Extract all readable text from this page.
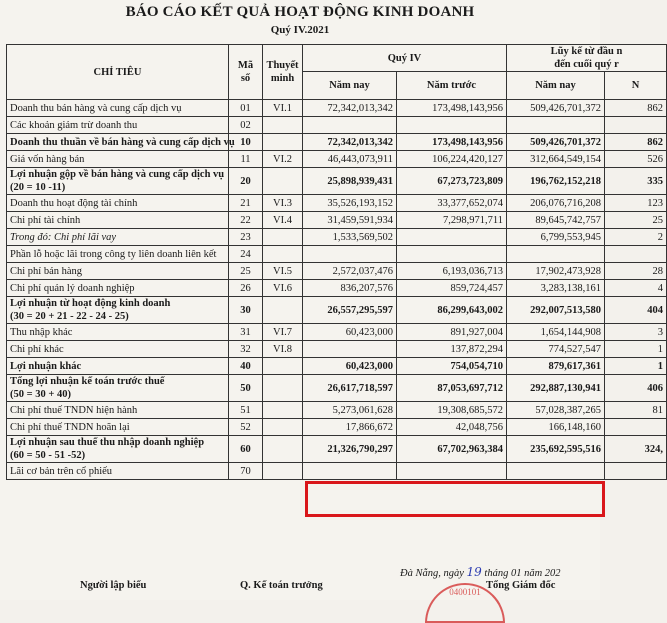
BÁO CÁO KẾT QUẢ HOẠT ĐỘNG KINH DOANH
Quý IV.2021
CHỈ TIÊU	Mã số	Thuyết minh	Quý IV		Lũy kế từ đầu n
đến cuối quý r	
			Năm nay	Năm trước	Năm nay	N
Doanh thu bán hàng và cung cấp dịch vụ	01	VI.1	72,342,013,342	173,498,143,956	509,426,701,372	862
Các khoản giảm trừ doanh thu	02					
Doanh thu thuần về bán hàng và cung cấp dịch vụ	10		72,342,013,342	173,498,143,956	509,426,701,372	862
Giá vốn hàng bán	11	VI.2	46,443,073,911	106,224,420,127	312,664,549,154	526
Lợi nhuận gộp về bán hàng và cung cấp dịch vụ
(20 = 10 -11)	20		25,898,939,431	67,273,723,809	196,762,152,218	335
Doanh thu hoạt động tài chính	21	VI.3	35,526,193,152	33,377,652,074	206,076,716,208	123
Chi phí tài chính	22	VI.4	31,459,591,934	7,298,971,711	89,645,742,757	25
Trong đó: Chi phí lãi vay	23		1,533,569,502		6,799,553,945	2
Phần lỗ hoặc lãi trong công ty liên doanh liên kết	24					
Chi phí bán hàng	25	VI.5	2,572,037,476	6,193,036,713	17,902,473,928	28
Chi phí quản lý doanh nghiệp	26	VI.6	836,207,576	859,724,457	3,283,138,161	4
Lợi nhuận từ hoạt động kinh doanh
(30 = 20 + 21 - 22 - 24 - 25)	30		26,557,295,597	86,299,643,002	292,007,513,580	404
Thu nhập khác	31	VI.7	60,423,000	891,927,004	1,654,144,908	3
Chi phí khác	32	VI.8		137,872,294	774,527,547	1
Lợi nhuận khác	40		60,423,000	754,054,710	879,617,361	1
Tổng lợi nhuận kế toán trước thuế
(50 = 30 + 40)	50		26,617,718,597	87,053,697,712	292,887,130,941	406
Chi phí thuế TNDN hiện hành	51		5,273,061,628	19,308,685,572	57,028,387,265	81
Chi phí thuế TNDN hoãn lại	52		17,866,672	42,048,756	166,148,160	
Lợi nhuận sau thuế thu nhập doanh nghiệp
(60 = 50 - 51 -52)	60		21,326,790,297	67,702,963,384	235,692,595,516	324,
Lãi cơ bản trên cổ phiếu	70					
Đà Nẵng, ngày 19 tháng 01 năm 202
Người lập biểu	Q. Kế toán trưởng
0400101
Tổng Giám đốc
